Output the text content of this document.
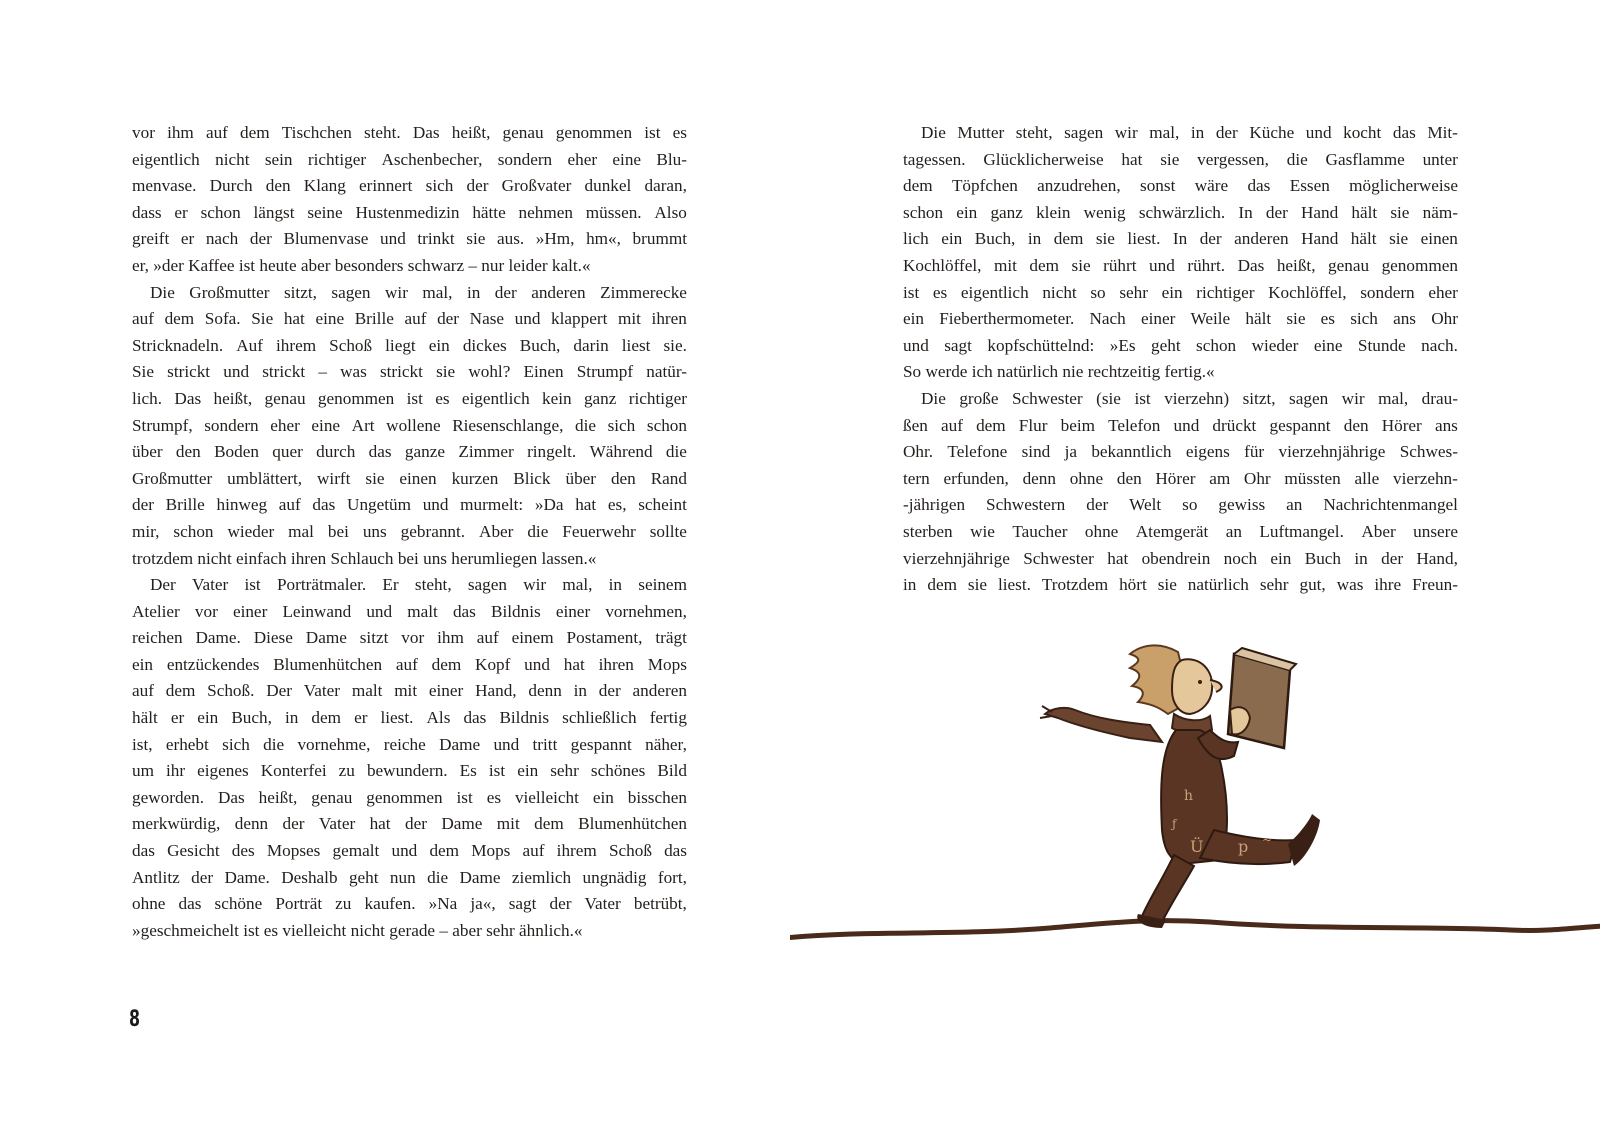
vor ihm auf dem Tischchen steht. Das heißt, genau genommen ist es
eigentlich nicht sein richtiger Aschenbecher, sondern eher eine Blu-
menvase. Durch den Klang erinnert sich der Großvater dunkel daran,
dass er schon längst seine Hustenmedizin hätte nehmen müssen. Also
greift er nach der Blumenvase und trinkt sie aus. »Hm, hm«, brummt
er, »der Kaffee ist heute aber besonders schwarz – nur leider kalt.«
Die Großmutter sitzt, sagen wir mal, in der anderen Zimmerecke
auf dem Sofa. Sie hat eine Brille auf der Nase und klappert mit ihren
Stricknadeln. Auf ihrem Schoß liegt ein dickes Buch, darin liest sie.
Sie strickt und strickt – was strickt sie wohl? Einen Strumpf natür-
lich. Das heißt, genau genommen ist es eigentlich kein ganz richtiger
Strumpf, sondern eher eine Art wollene Riesenschlange, die sich schon
über den Boden quer durch das ganze Zimmer ringelt. Während die
Großmutter umblättert, wirft sie einen kurzen Blick über den Rand
der Brille hinweg auf das Ungetüm und murmelt: »Da hat es, scheint
mir, schon wieder mal bei uns gebrannt. Aber die Feuerwehr sollte
trotzdem nicht einfach ihren Schlauch bei uns herumliegen lassen.«
Der Vater ist Porträtmaler. Er steht, sagen wir mal, in seinem
Atelier vor einer Leinwand und malt das Bildnis einer vornehmen,
reichen Dame. Diese Dame sitzt vor ihm auf einem Postament, trägt
ein entzückendes Blumenhütchen auf dem Kopf und hat ihren Mops
auf dem Schoß. Der Vater malt mit einer Hand, denn in der anderen
hält er ein Buch, in dem er liest. Als das Bildnis schließlich fertig
ist, erhebt sich die vornehme, reiche Dame und tritt gespannt näher,
um ihr eigenes Konterfei zu bewundern. Es ist ein sehr schönes Bild
geworden. Das heißt, genau genommen ist es vielleicht ein bisschen
merkwürdig, denn der Vater hat der Dame mit dem Blumenhütchen
das Gesicht des Mopses gemalt und dem Mops auf ihrem Schoß das
Antlitz der Dame. Deshalb geht nun die Dame ziemlich ungnädig fort,
ohne das schöne Porträt zu kaufen. »Na ja«, sagt der Vater betrübt,
»geschmeichelt ist es vielleicht nicht gerade – aber sehr ähnlich.«
Die Mutter steht, sagen wir mal, in der Küche und kocht das Mit-
tagessen. Glücklicherweise hat sie vergessen, die Gasflamme unter
dem Töpfchen anzudrehen, sonst wäre das Essen möglicherweise
schon ein ganz klein wenig schwärzlich. In der Hand hält sie näm-
lich ein Buch, in dem sie liest. In der anderen Hand hält sie einen
Kochlöffel, mit dem sie rührt und rührt. Das heißt, genau genommen
ist es eigentlich nicht so sehr ein richtiger Kochlöffel, sondern eher
ein Fieberthermometer. Nach einer Weile hält sie es sich ans Ohr
und sagt kopfschüttelnd: »Es geht schon wieder eine Stunde nach.
So werde ich natürlich nie rechtzeitig fertig.«
Die große Schwester (sie ist vierzehn) sitzt, sagen wir mal, drau-
ßen auf dem Flur beim Telefon und drückt gespannt den Hörer ans
Ohr. Telefone sind ja bekanntlich eigens für vierzehnjährige Schwes-
tern erfunden, denn ohne den Hörer am Ohr müssten alle vierzehn-
-jährigen Schwestern der Welt so gewiss an Nachrichtenmangel
sterben wie Taucher ohne Atemgerät an Luftmangel. Aber unsere
vierzehnjährige Schwester hat obendrein noch ein Buch in der Hand,
in dem sie liest. Trotzdem hört sie natürlich sehr gut, was ihre Freun-
8
h
Ü p
ƒ
~
